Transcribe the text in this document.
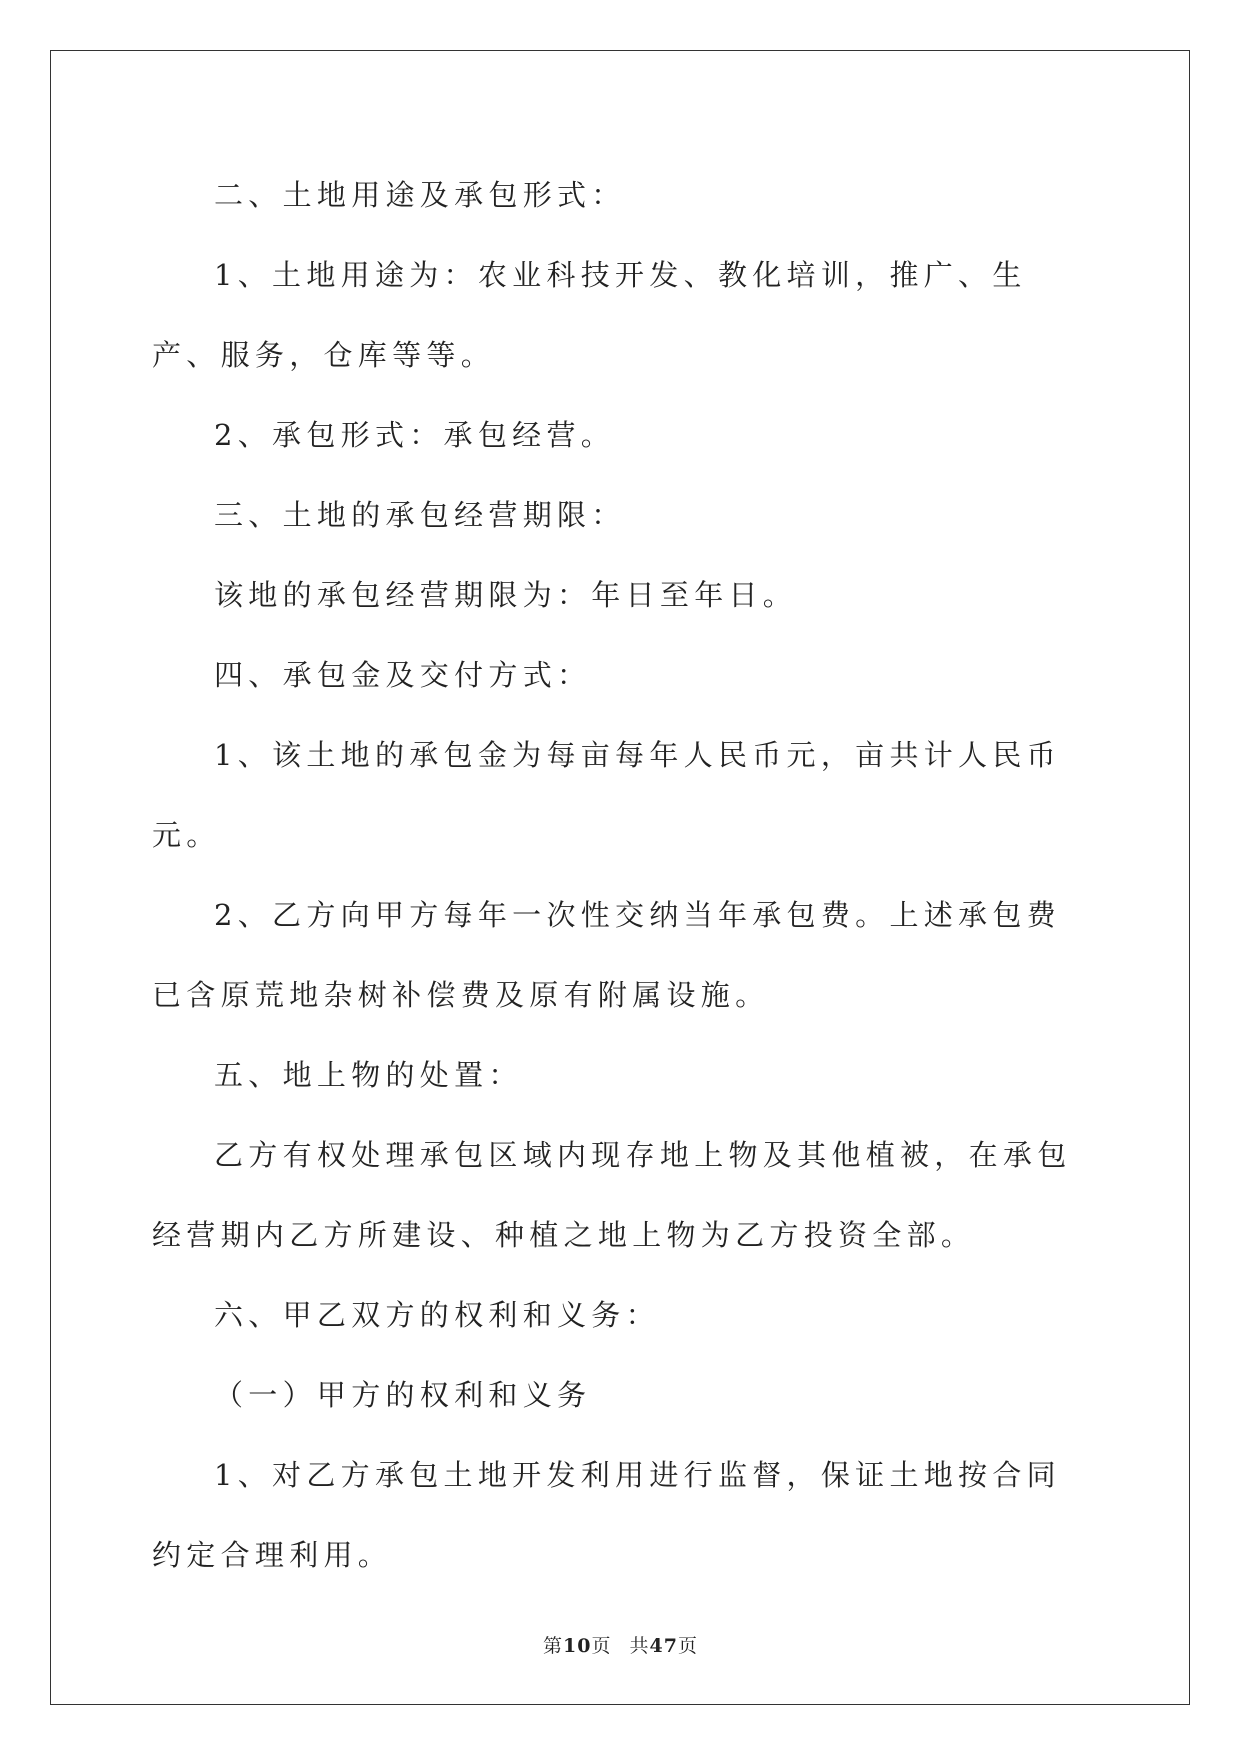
二、土地用途及承包形式：

1、土地用途为：农业科技开发、教化培训，推广、生产、服务，仓库等等。

2、承包形式：承包经营。

三、土地的承包经营期限：

该地的承包经营期限为：年日至年日。

四、承包金及交付方式：

1、该土地的承包金为每亩每年人民币元，亩共计人民币元。

2、乙方向甲方每年一次性交纳当年承包费。上述承包费已含原荒地杂树补偿费及原有附属设施。

五、地上物的处置：

乙方有权处理承包区域内现存地上物及其他植被，在承包经营期内乙方所建设、种植之地上物为乙方投资全部。

六、甲乙双方的权利和义务：

（一）甲方的权利和义务

1、对乙方承包土地开发利用进行监督，保证土地按合同约定合理利用。

第10页 共47页
